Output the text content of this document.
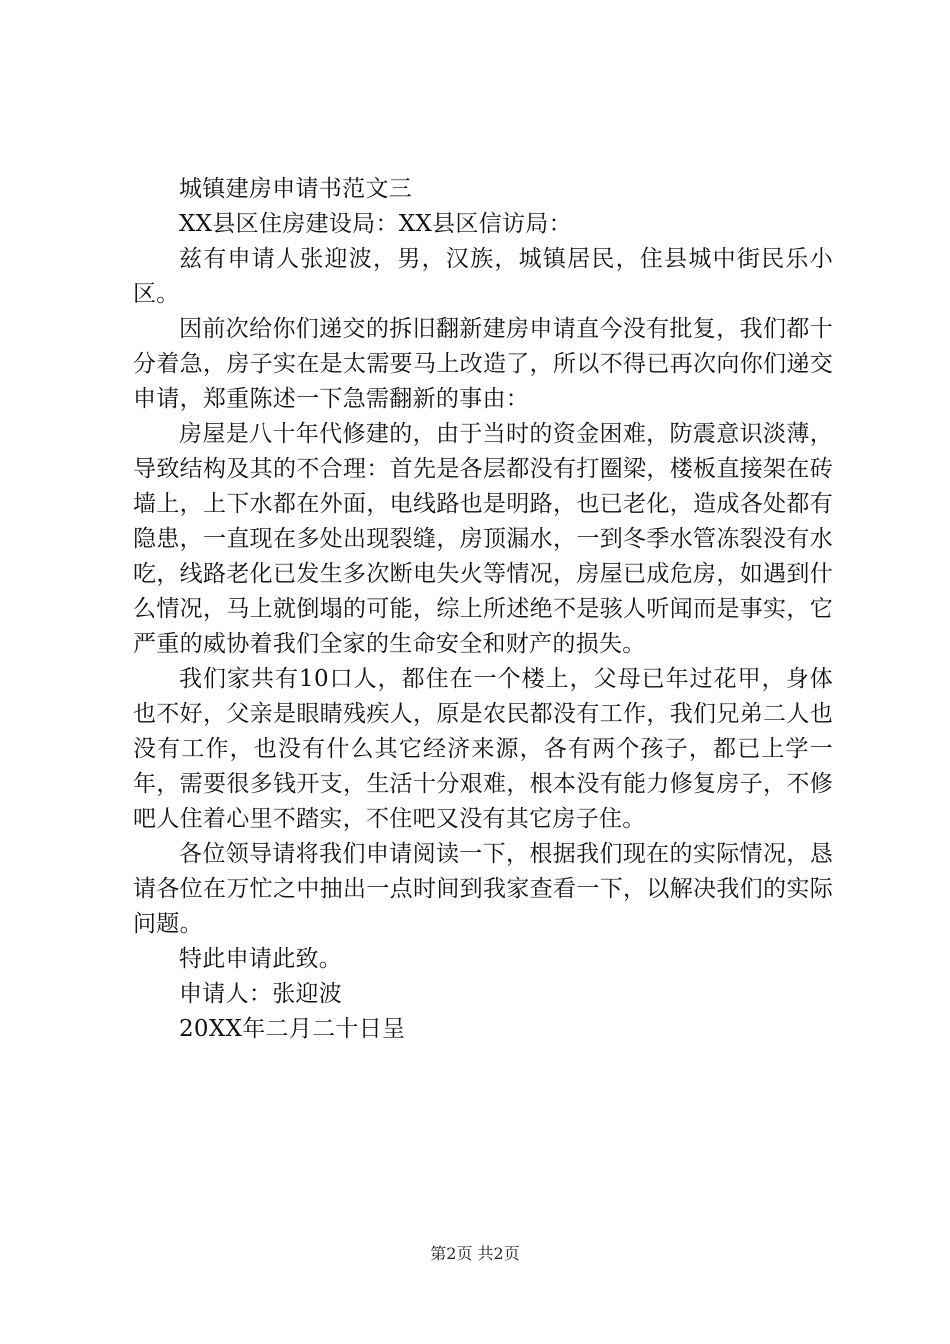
城镇建房申请书范文三

XX县区住房建设局：XX县区信访局：

兹有申请人张迎波，男，汉族，城镇居民，住县城中街民乐小区。

因前次给你们递交的拆旧翻新建房申请直今没有批复，我们都十分着急，房子实在是太需要马上改造了，所以不得已再次向你们递交申请，郑重陈述一下急需翻新的事由：

房屋是八十年代修建的，由于当时的资金困难，防震意识淡薄，导致结构及其的不合理：首先是各层都没有打圈梁，楼板直接架在砖墙上，上下水都在外面，电线路也是明路，也已老化，造成各处都有隐患，一直现在多处出现裂缝，房顶漏水，一到冬季水管冻裂没有水吃，线路老化已发生多次断电失火等情况，房屋已成危房，如遇到什么情况，马上就倒塌的可能，综上所述绝不是骇人听闻而是事实，它严重的威协着我们全家的生命安全和财产的损失。

我们家共有10口人，都住在一个楼上，父母已年过花甲，身体也不好，父亲是眼睛残疾人，原是农民都没有工作，我们兄弟二人也没有工作，也没有什么其它经济来源，各有两个孩子，都已上学一年，需要很多钱开支，生活十分艰难，根本没有能力修复房子，不修吧人住着心里不踏实，不住吧又没有其它房子住。

各位领导请将我们申请阅读一下，根据我们现在的实际情况，恳请各位在万忙之中抽出一点时间到我家查看一下，以解决我们的实际问题。

特此申请此致。

申请人：张迎波

20XX年二月二十日呈

第2页 共2页
